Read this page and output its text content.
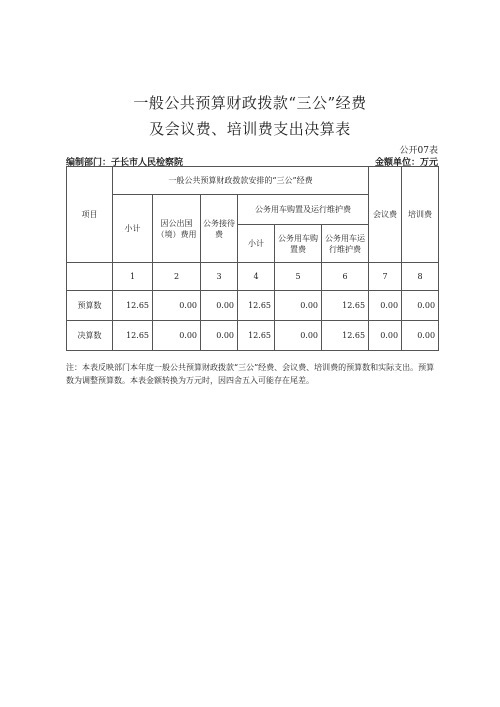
一般公共预算财政拨款“三公”经费
及会议费、培训费支出决算表
公开07表
编制部门：子长市人民检察院	金额单位：万元
项目	一般公共预算财政拨款安排的“三公”经费						会议费	培训费
	小计	因公出国（境）费用	公务接待费	公务用车购置及运行维护费				
				小计	公务用车购置费	公务用车运行维护费		
	1	2	3	4	5	6	7	8
预算数	12.65	0.00	0.00	12.65	0.00	12.65	0.00	0.00
决算数	12.65	0.00	0.00	12.65	0.00	12.65	0.00	0.00
注：本表反映部门本年度一般公共预算财政拨款“三公”经费、会议费、培训费的预算数和实际支出。预算数为调整预算数。本表金额转换为万元时，因四舍五入可能存在尾差。
